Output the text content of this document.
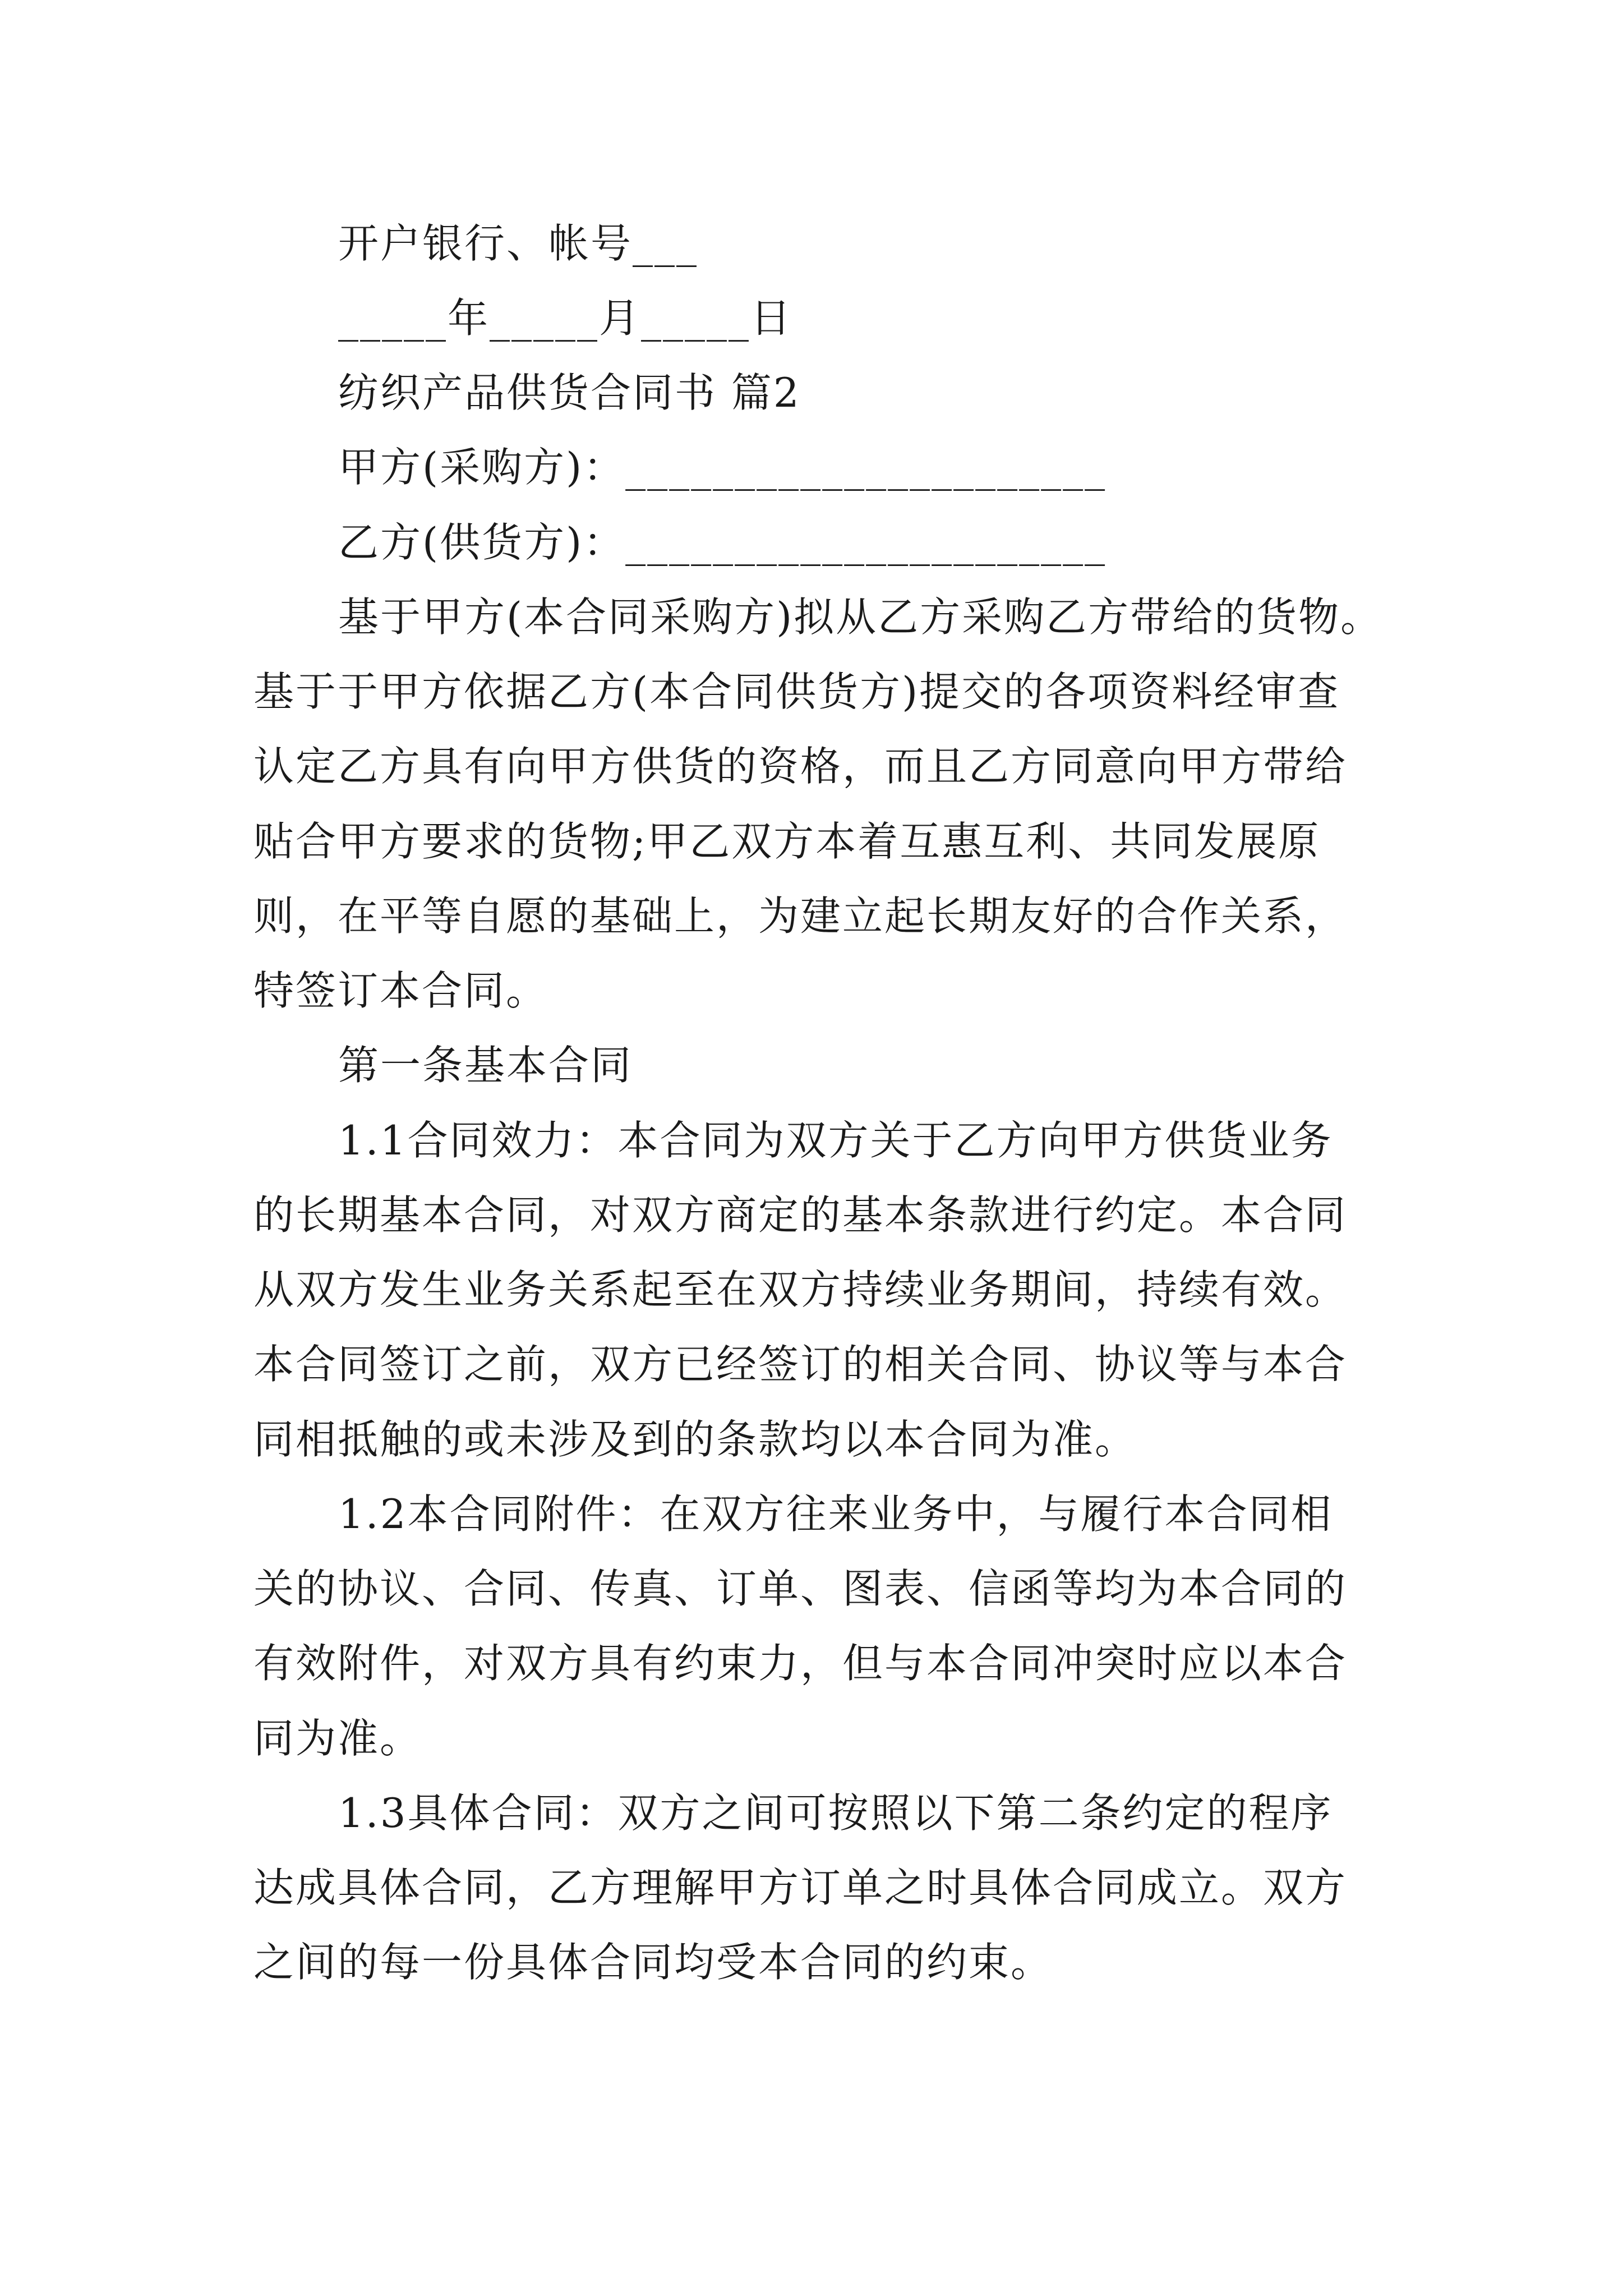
开户银行、帐号___
_____年_____月_____日
纺织产品供货合同书 篇2
甲方(采购方)：______________________
乙方(供货方)：______________________
基于甲方(本合同采购方)拟从乙方采购乙方带给的货物。
基于于甲方依据乙方(本合同供货方)提交的各项资料经审查
认定乙方具有向甲方供货的资格，而且乙方同意向甲方带给
贴合甲方要求的货物;甲乙双方本着互惠互利、共同发展原
则，在平等自愿的基础上，为建立起长期友好的合作关系，
特签订本合同。
第一条基本合同
1.1合同效力：本合同为双方关于乙方向甲方供货业务
的长期基本合同，对双方商定的基本条款进行约定。本合同
从双方发生业务关系起至在双方持续业务期间，持续有效。
本合同签订之前，双方已经签订的相关合同、协议等与本合
同相抵触的或未涉及到的条款均以本合同为准。
1.2本合同附件：在双方往来业务中，与履行本合同相
关的协议、合同、传真、订单、图表、信函等均为本合同的
有效附件，对双方具有约束力，但与本合同冲突时应以本合
同为准。
1.3具体合同：双方之间可按照以下第二条约定的程序
达成具体合同，乙方理解甲方订单之时具体合同成立。双方
之间的每一份具体合同均受本合同的约束。
